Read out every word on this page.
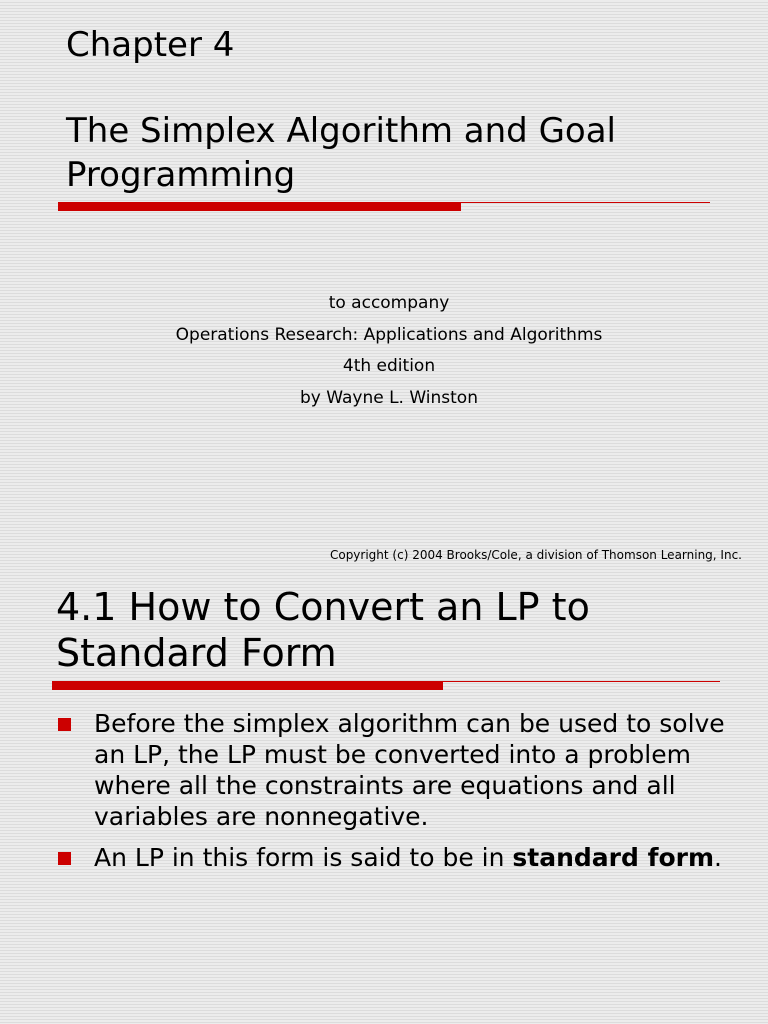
Chapter 4
The Simplex Algorithm and Goal Programming
to accompany
Operations Research: Applications and Algorithms
4th edition
by Wayne L. Winston
Copyright (c) 2004 Brooks/Cole, a division of Thomson Learning, Inc.
4.1 How to Convert an LP to Standard Form
Before the simplex algorithm can be used to solve an LP, the LP must be converted into a problem where all the constraints are equations and all variables are nonnegative.
An LP in this form is said to be in standard form.
